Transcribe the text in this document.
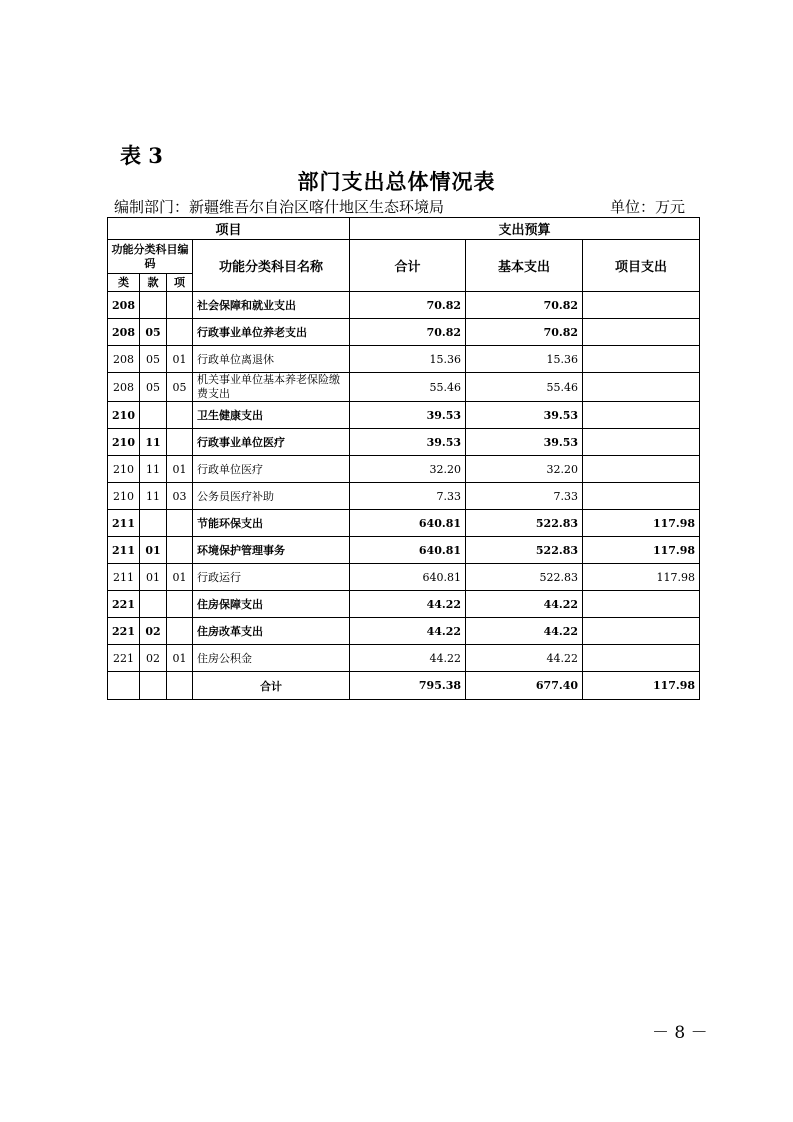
表 3
部门支出总体情况表
编制部门：新疆维吾尔自治区喀什地区生态环境局	单位：万元
项目				支出预算		
功能分类科目编码			功能分类科目名称	合计	基本支出	项目支出
类	款	项				
208			社会保障和就业支出	70.82	70.82	
208	05		行政事业单位养老支出	70.82	70.82	
208	05	01	行政单位离退休	15.36	15.36	
208	05	05	机关事业单位基本养老保险缴费支出	55.46	55.46	
210			卫生健康支出	39.53	39.53	
210	11		行政事业单位医疗	39.53	39.53	
210	11	01	行政单位医疗	32.20	32.20	
210	11	03	公务员医疗补助	7.33	7.33	
211			节能环保支出	640.81	522.83	117.98
211	01		环境保护管理事务	640.81	522.83	117.98
211	01	01	行政运行	640.81	522.83	117.98
221			住房保障支出	44.22	44.22	
221	02		住房改革支出	44.22	44.22	
221	02	01	住房公积金	44.22	44.22	
			合计	795.38	677.40	117.98
－ 8 －
